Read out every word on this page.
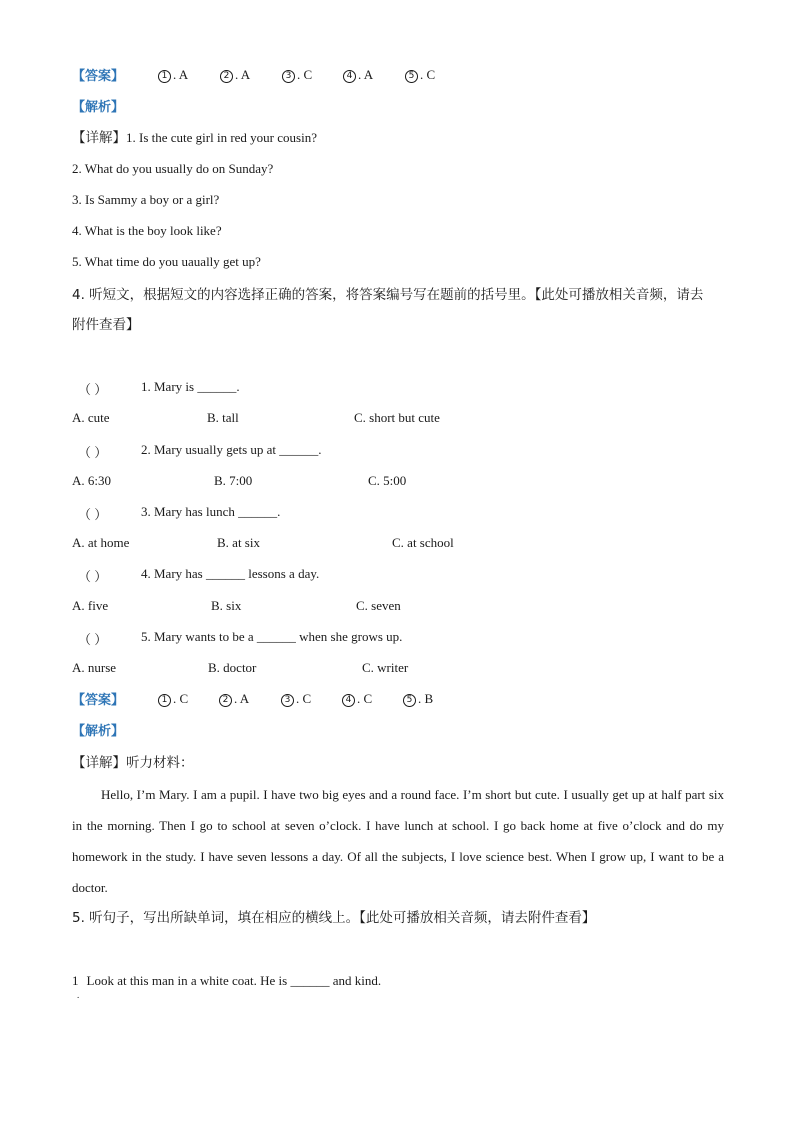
【答案】	1 . A	2 . A	3 . C	4 . A	5 . C
【解析】
【详解】1. Is the cute girl in red your cousin?
2. What do you usually do on Sunday?
3. Is Sammy a boy or a girl?
4. What is the boy look like?
5. What time do you uaually get up?
4. 听短文，根据短文的内容选择正确的答案，将答案编号写在题前的括号里。【此处可播放相关音频，请去
附件查看】
（ ）	1. Mary is ______.
A. cute	B. tall	C. short but cute
（ ）	2. Mary usually gets up at ______.
A. 6:30	B. 7:00	C. 5:00
（ ）	3. Mary has lunch ______.
A. at home	B. at six	C. at school
（ ）	4. Mary has ______ lessons a day.
A. five	B. six	C. seven
（ ）	5. Mary wants to be a ______ when she grows up.
A. nurse	B. doctor	C. writer
【答案】	1 . C	2 . A	3 . C	4 . C	5 . B
【解析】
【详解】听力材料：
Hello, I’m Mary. I am a pupil. I have two big eyes and a round face. I’m short but cute. I usually get up at half part six in the morning. Then I go to school at seven o’clock. I have lunch at school. I go back home at five o’clock and do my homework in the study. I have seven lessons a day. Of all the subjects, I love science best. When I grow up, I want to be a doctor.
5. 听句子，写出所缺单词，填在相应的横线上。【此处可播放相关音频，请去附件查看】
1 Look at this man in a white coat. He is ______ and kind.
.
